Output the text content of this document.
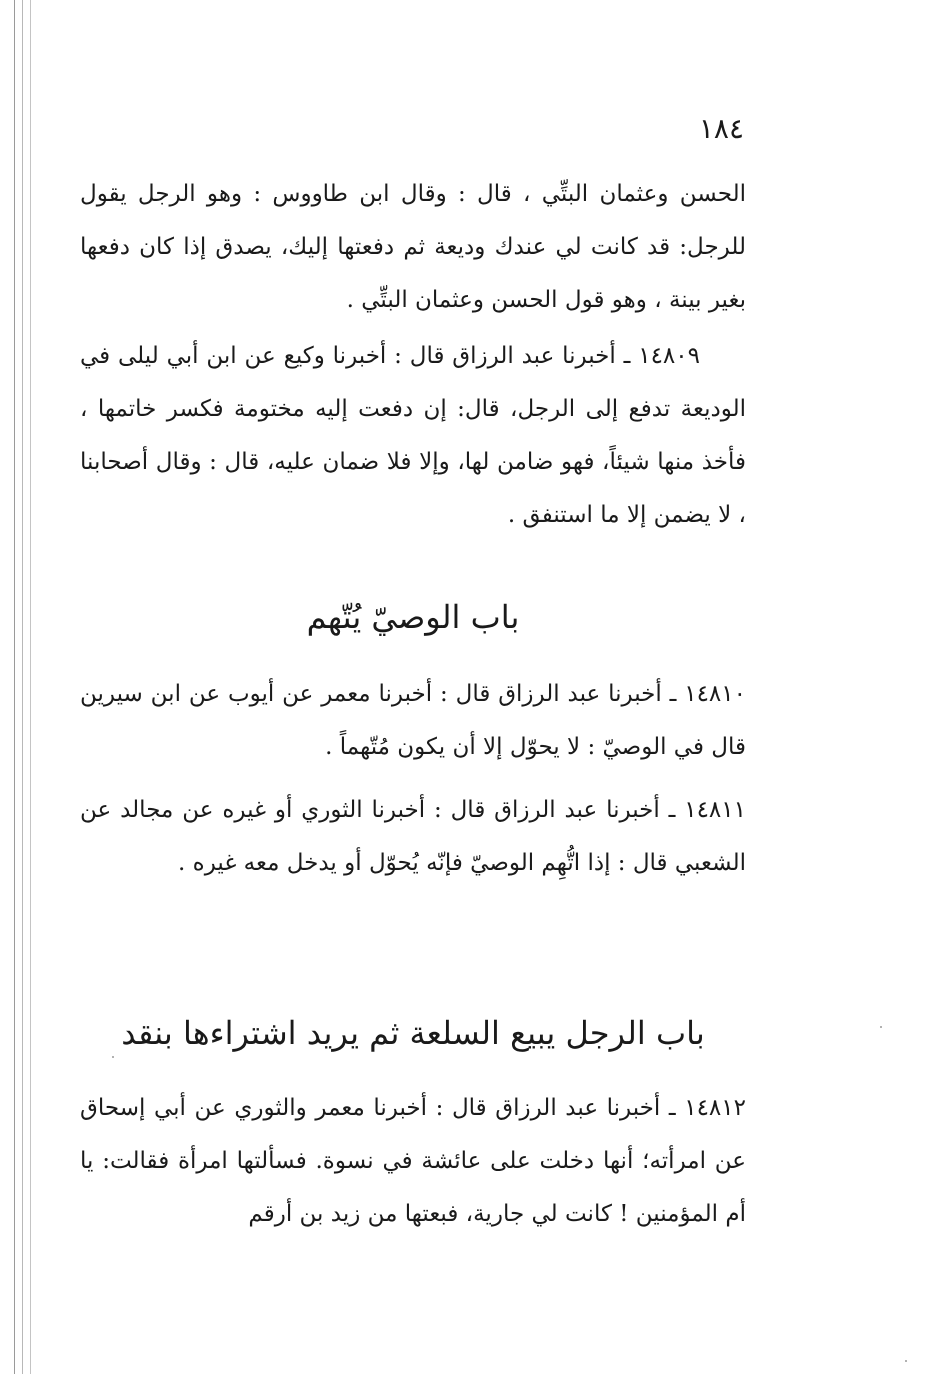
١٨٤

الحسن وعثمان البتِّي ، قال : وقال ابن طاووس : وهو الرجل يقول للرجل: قد كانت لي عندك وديعة ثم دفعتها إليك، يصدق إذا كان دفعها بغير بينة ، وهو قول الحسن وعثمان البتِّي .

١٤٨٠٩ ـ أخبرنا عبد الرزاق قال : أخبرنا وكيع عن ابن أبي ليلى في الوديعة تدفع إلى الرجل، قال: إن دفعت إليه مختومة فكسر خاتمها ، فأخذ منها شيئاً، فهو ضامن لها، وإلا فلا ضمان عليه، قال : وقال أصحابنا ، لا يضمن إلا ما استنفق .

باب الوصيّ يُتّهم

١٤٨١٠ ـ أخبرنا عبد الرزاق قال : أخبرنا معمر عن أيوب عن ابن سيرين قال في الوصيّ : لا يحوّل إلا أن يكون مُتّهماً .

١٤٨١١ ـ أخبرنا عبد الرزاق قال : أخبرنا الثوري أو غيره عن مجالد عن الشعبي قال : إذا اتُّهِم الوصيّ فإنّه يُحوّل أو يدخل معه غيره .

باب الرجل يبيع السلعة ثم يريد اشتراءها بنقد

١٤٨١٢ ـ أخبرنا عبد الرزاق قال : أخبرنا معمر والثوري عن أبي إسحاق عن امرأته؛ أنها دخلت على عائشة في نسوة. فسألتها امرأة فقالت: يا أم المؤمنين ! كانت لي جارية، فبعتها من زيد بن أرقم
